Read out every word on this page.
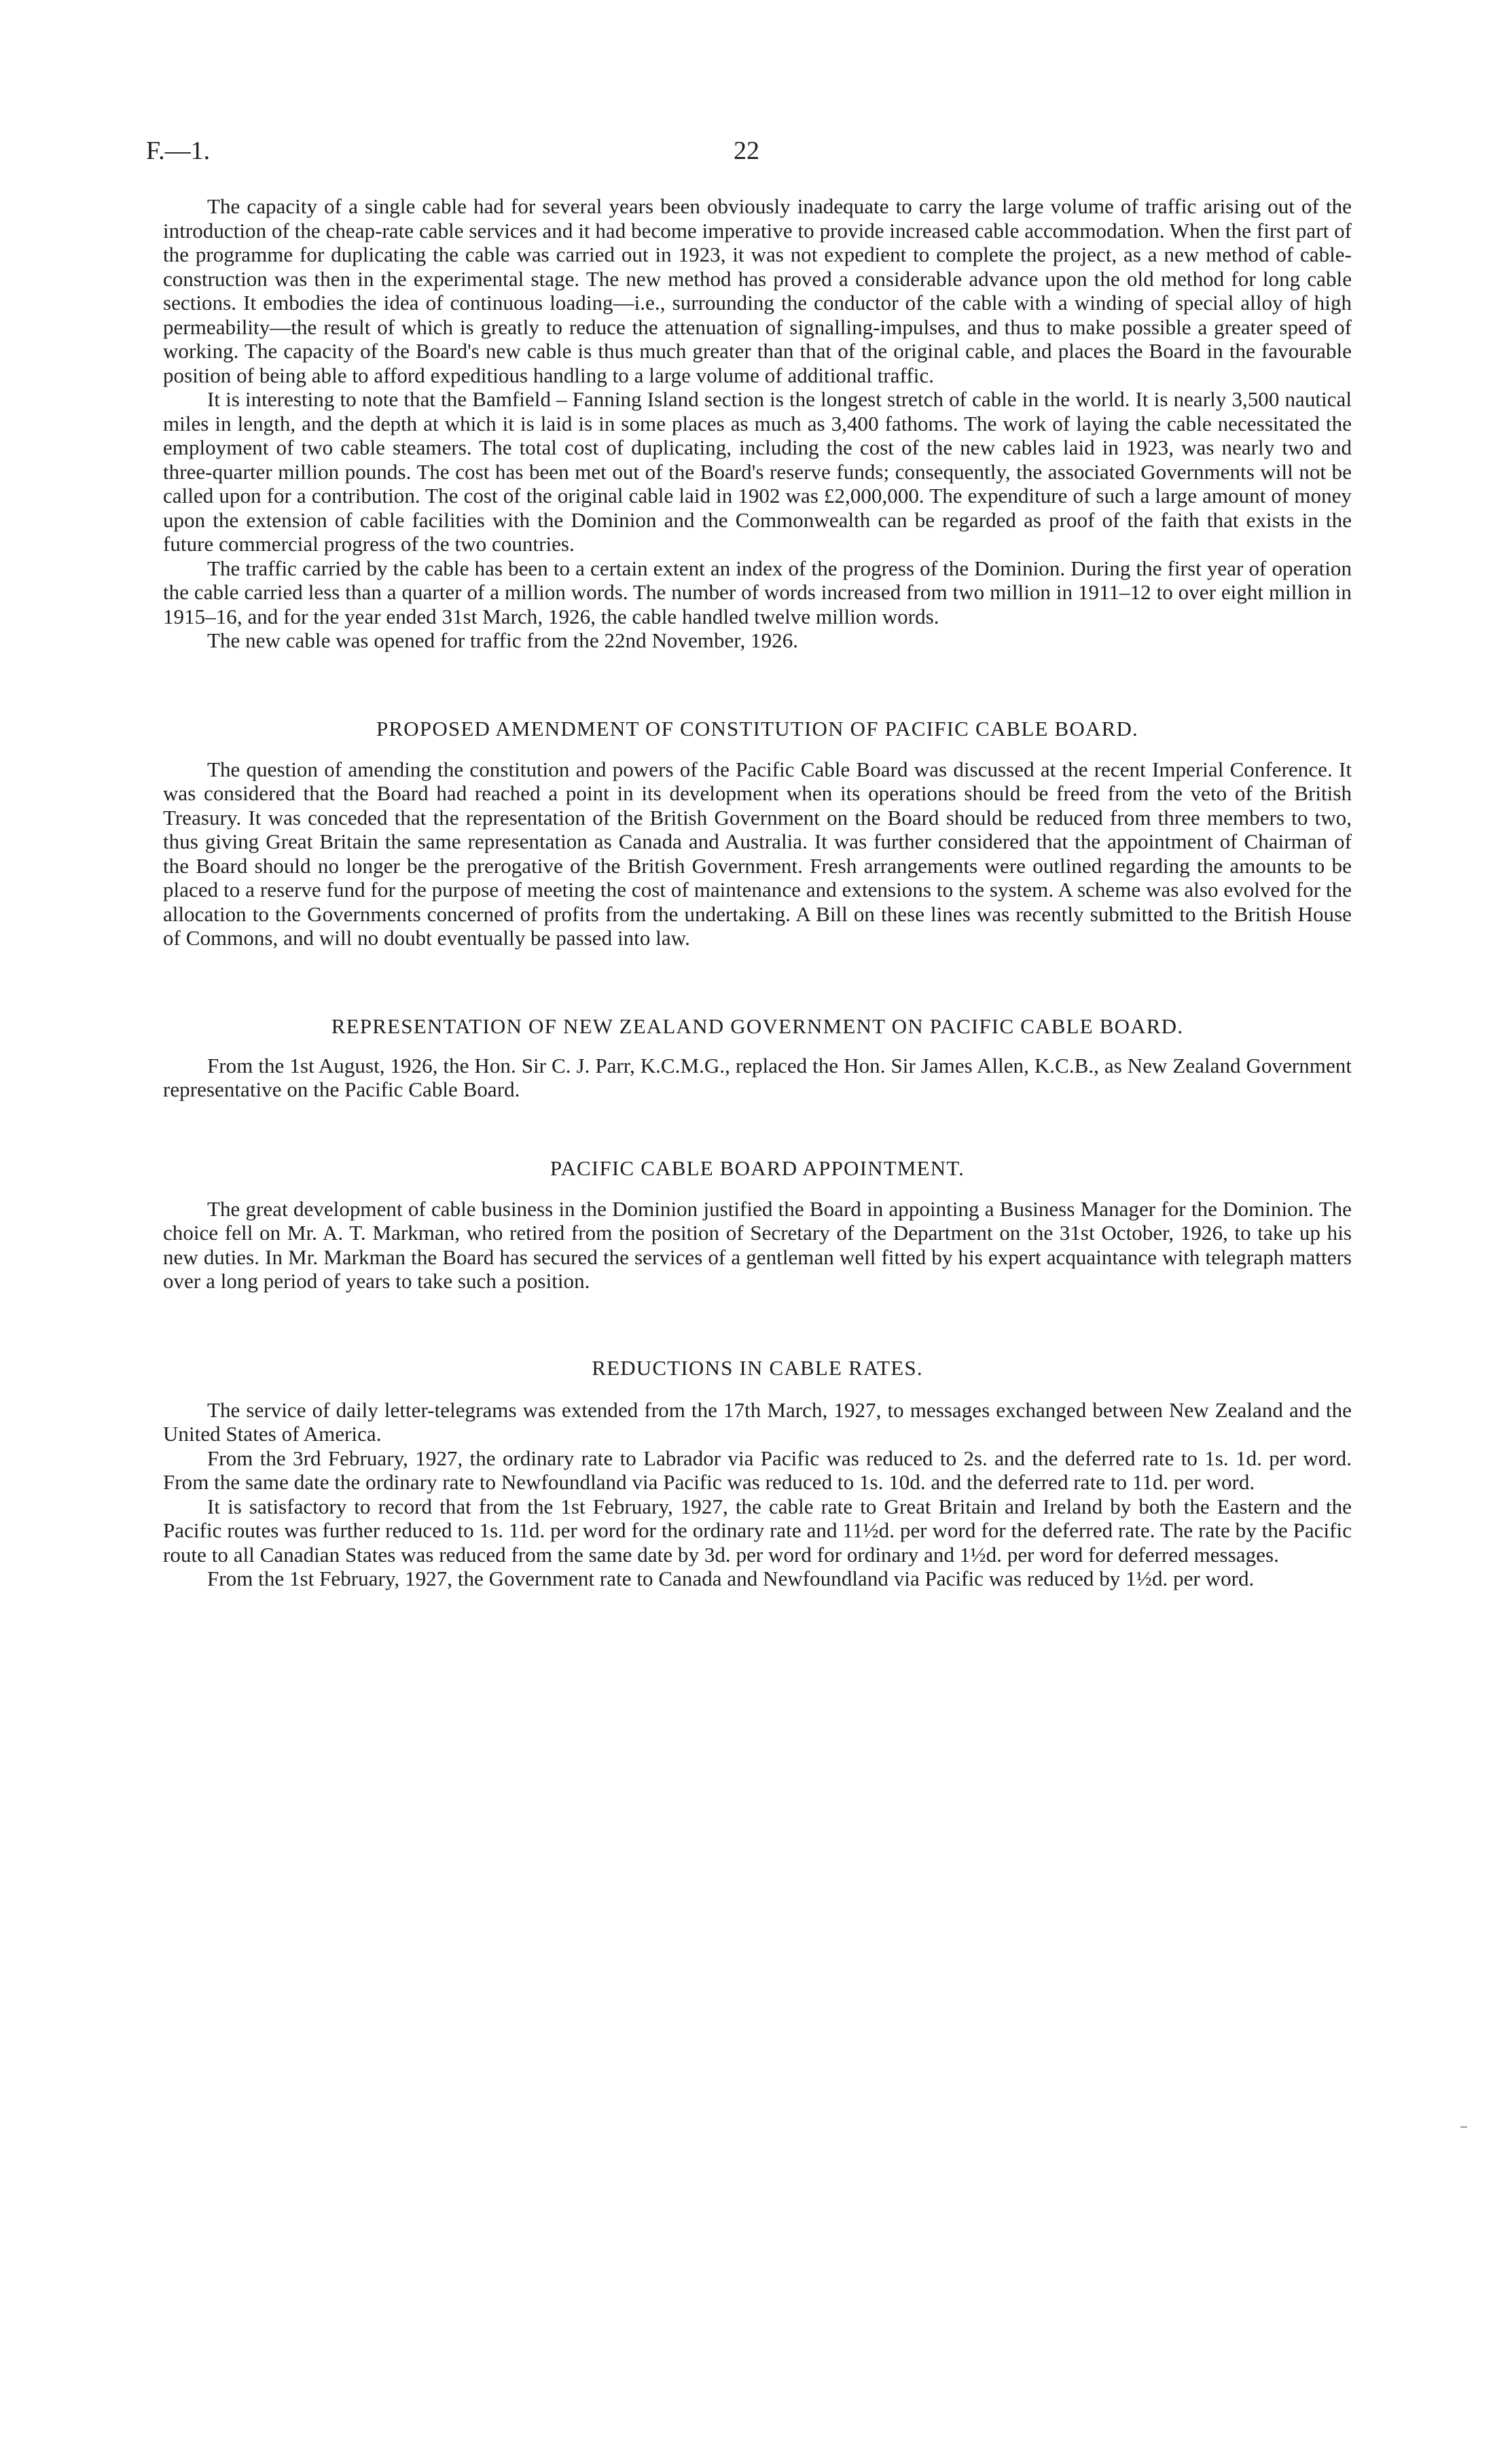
F.—1.	22

The capacity of a single cable had for several years been obviously inadequate to carry the large volume of traffic arising out of the introduction of the cheap-rate cable services and it had become imperative to provide increased cable accommodation. When the first part of the programme for duplicating the cable was carried out in 1923, it was not expedient to complete the project, as a new method of cable-construction was then in the experimental stage. The new method has proved a considerable advance upon the old method for long cable sections. It embodies the idea of continuous loading—i.e., surrounding the conductor of the cable with a winding of special alloy of high permeability—the result of which is greatly to reduce the attenuation of signalling-impulses, and thus to make possible a greater speed of working. The capacity of the Board's new cable is thus much greater than that of the original cable, and places the Board in the favourable position of being able to afford expeditious handling to a large volume of additional traffic.

It is interesting to note that the Bamfield – Fanning Island section is the longest stretch of cable in the world. It is nearly 3,500 nautical miles in length, and the depth at which it is laid is in some places as much as 3,400 fathoms. The work of laying the cable necessitated the employment of two cable steamers. The total cost of duplicating, including the cost of the new cables laid in 1923, was nearly two and three-quarter million pounds. The cost has been met out of the Board's reserve funds; consequently, the associated Governments will not be called upon for a contribution. The cost of the original cable laid in 1902 was £2,000,000. The expenditure of such a large amount of money upon the extension of cable facilities with the Dominion and the Commonwealth can be regarded as proof of the faith that exists in the future commercial progress of the two countries.

The traffic carried by the cable has been to a certain extent an index of the progress of the Dominion. During the first year of operation the cable carried less than a quarter of a million words. The number of words increased from two million in 1911–12 to over eight million in 1915–16, and for the year ended 31st March, 1926, the cable handled twelve million words.

The new cable was opened for traffic from the 22nd November, 1926.

PROPOSED AMENDMENT OF CONSTITUTION OF PACIFIC CABLE BOARD.

The question of amending the constitution and powers of the Pacific Cable Board was discussed at the recent Imperial Conference. It was considered that the Board had reached a point in its development when its operations should be freed from the veto of the British Treasury. It was conceded that the representation of the British Government on the Board should be reduced from three members to two, thus giving Great Britain the same representation as Canada and Australia. It was further considered that the appointment of Chairman of the Board should no longer be the prerogative of the British Government. Fresh arrangements were outlined regarding the amounts to be placed to a reserve fund for the purpose of meeting the cost of maintenance and extensions to the system. A scheme was also evolved for the allocation to the Governments concerned of profits from the undertaking. A Bill on these lines was recently submitted to the British House of Commons, and will no doubt eventually be passed into law.

REPRESENTATION OF NEW ZEALAND GOVERNMENT ON PACIFIC CABLE BOARD.

From the 1st August, 1926, the Hon. Sir C. J. Parr, K.C.M.G., replaced the Hon. Sir James Allen, K.C.B., as New Zealand Government representative on the Pacific Cable Board.

PACIFIC CABLE BOARD APPOINTMENT.

The great development of cable business in the Dominion justified the Board in appointing a Business Manager for the Dominion. The choice fell on Mr. A. T. Markman, who retired from the position of Secretary of the Department on the 31st October, 1926, to take up his new duties. In Mr. Markman the Board has secured the services of a gentleman well fitted by his expert acquaintance with telegraph matters over a long period of years to take such a position.

REDUCTIONS IN CABLE RATES.

The service of daily letter-telegrams was extended from the 17th March, 1927, to messages exchanged between New Zealand and the United States of America.

From the 3rd February, 1927, the ordinary rate to Labrador via Pacific was reduced to 2s. and the deferred rate to 1s. 1d. per word. From the same date the ordinary rate to Newfoundland via Pacific was reduced to 1s. 10d. and the deferred rate to 11d. per word.

It is satisfactory to record that from the 1st February, 1927, the cable rate to Great Britain and Ireland by both the Eastern and the Pacific routes was further reduced to 1s. 11d. per word for the ordinary rate and 11½d. per word for the deferred rate. The rate by the Pacific route to all Canadian States was reduced from the same date by 3d. per word for ordinary and 1½d. per word for deferred messages.

From the 1st February, 1927, the Government rate to Canada and Newfoundland via Pacific was reduced by 1½d. per word.
